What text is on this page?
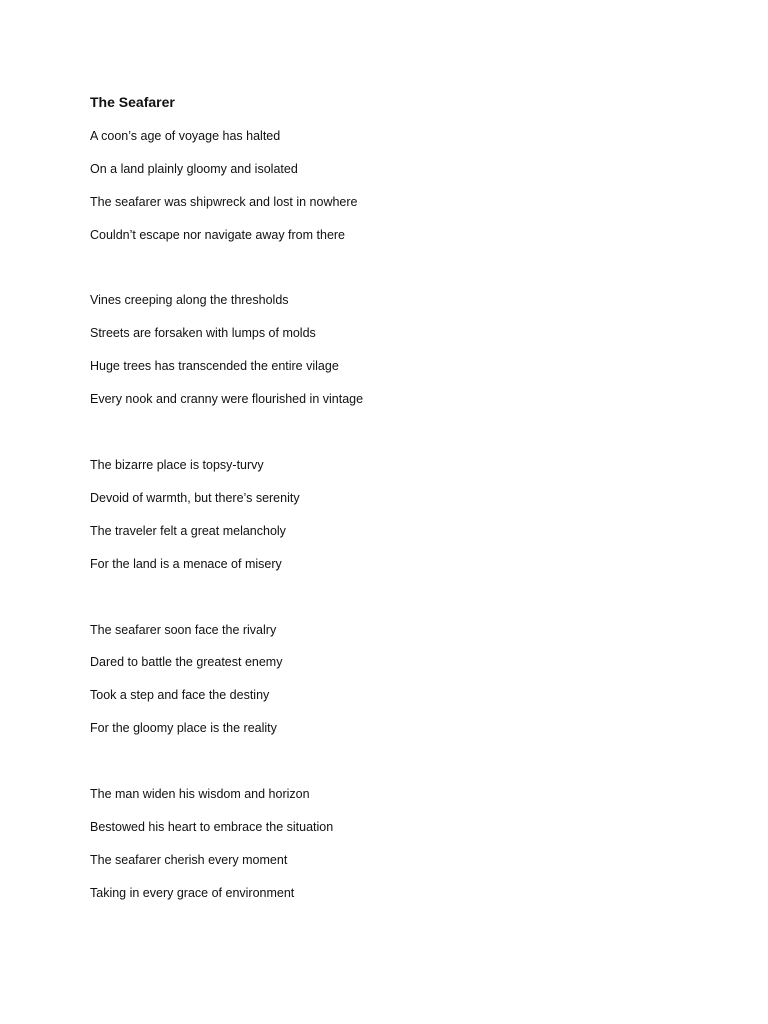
The Seafarer
A coon’s age of voyage has halted
On a land plainly gloomy and isolated
The seafarer was shipwreck and lost in nowhere
Couldn’t escape nor navigate away from there
Vines creeping along the thresholds
Streets are forsaken with lumps of molds
Huge trees has transcended the entire vilage
Every nook and cranny were flourished in vintage
The bizarre place is topsy-turvy
Devoid of warmth, but there’s serenity
The traveler felt a great melancholy
For the land is a menace of misery
The seafarer soon face the rivalry
Dared to battle the greatest enemy
Took a step and face the destiny
For the gloomy place is the reality
The man widen his wisdom and horizon
Bestowed his heart to embrace the situation
The seafarer cherish every moment
Taking in every grace of environment
